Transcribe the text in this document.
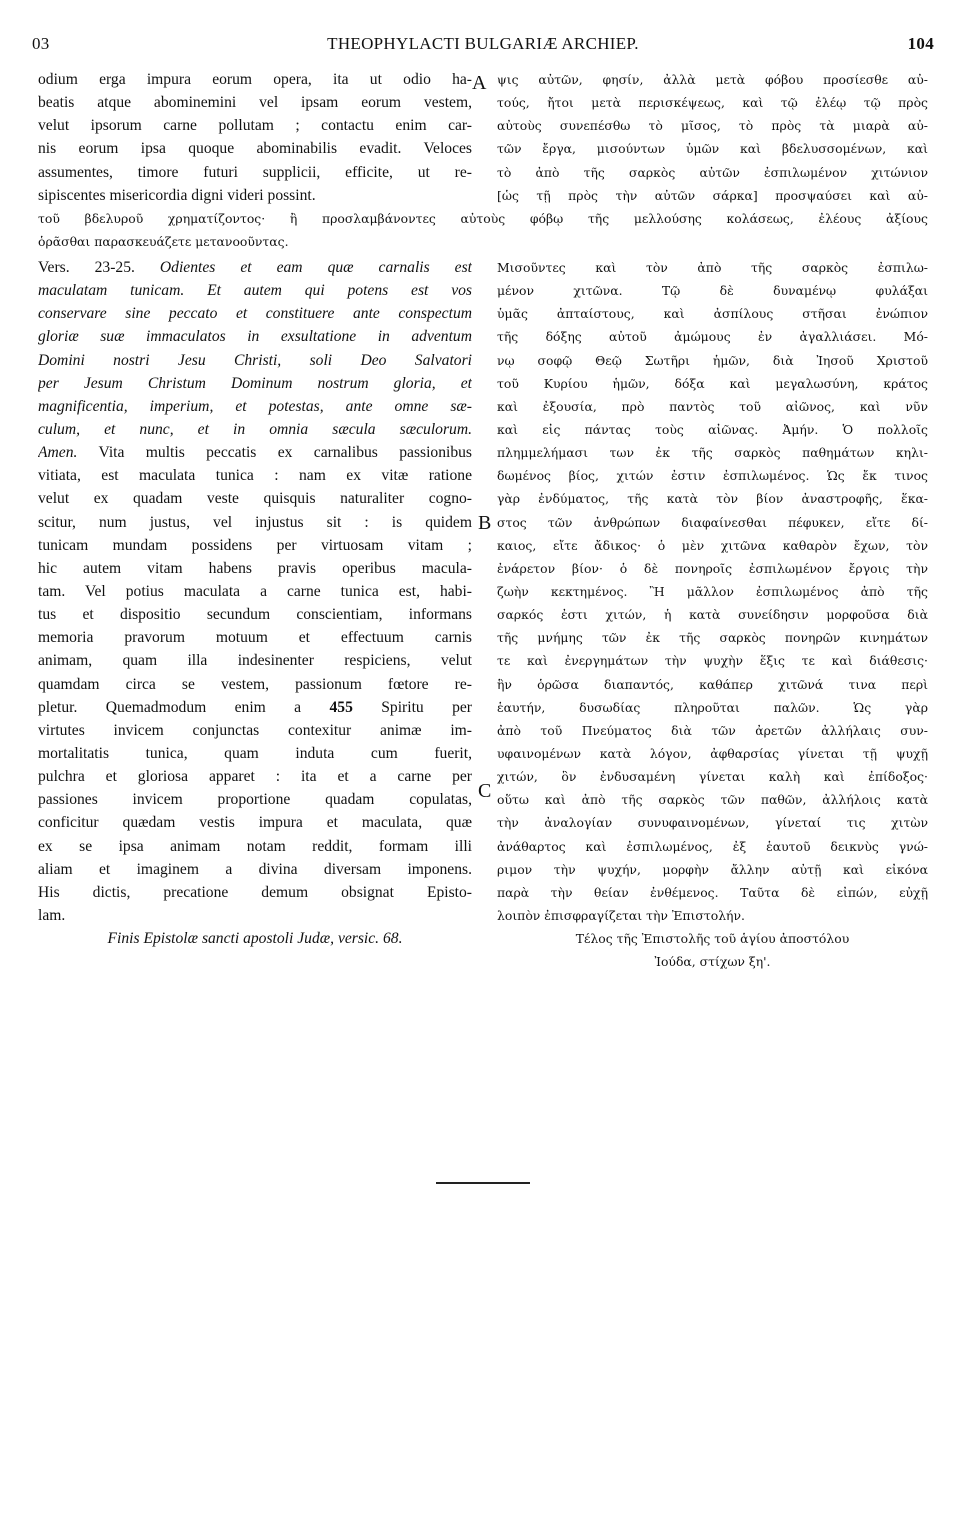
03	THEOPHYLACTI BULGARIÆ ARCHIEP.	104
A
B
C
odium erga impura eorum opera, ita ut odio ha-
beatis atque abominemini vel ipsam eorum vestem,
velut ipsorum carne pollutam ; contactu enim car-
nis eorum ipsa quoque abominabilis evadit. Veloces
assumentes, timore futuri supplicii, efficite, ut re-
sipiscentes misericordia digni videri possint.
ψις αὐτῶν, φησίν, ἀλλὰ μετὰ φόβου προσίεσθε αὐ-
τούς, ἤτοι μετὰ περισκέψεως, καὶ τῷ ἐλέῳ τῷ πρὸς
αὐτοὺς συνεπέσθω τὸ μῖσος, τὸ πρὸς τὰ μιαρὰ αὐ-
τῶν ἔργα, μισούντων ὑμῶν καὶ βδελυσσομένων, καὶ
τὸ ἀπὸ τῆς σαρκὸς αὐτῶν ἐσπιλωμένον χιτώνιον
[ὡς τῇ πρὸς τὴν αὐτῶν σάρκα] προσψαύσει καὶ αὐ-
τοῦ βδελυροῦ χρηματίζοντος· ἢ προσλαμβάνοντες αὐτοὺς φόβῳ τῆς μελλούσης κολάσεως, ἐλέους ἀξίους
ὁρᾶσθαι παρασκευάζετε μετανοοῦντας.
Vers. 23-25. Odientes et eam quæ carnalis est
maculatam tunicam. Et autem qui potens est vos
conservare sine peccato et constituere ante conspectum
gloriæ suæ immaculatos in exsultatione in adventum
Domini nostri Jesu Christi, soli Deo Salvatori
per Jesum Christum Dominum nostrum gloria, et
magnificentia, imperium, et potestas, ante omne sæ-
culum, et nunc, et in omnia sæcula sæculorum.
Amen. Vita multis peccatis ex carnalibus passionibus
vitiata, est maculata tunica : nam ex vitæ ratione
velut ex quadam veste quisquis naturaliter cogno-
scitur, num justus, vel injustus sit : is quidem
tunicam mundam possidens per virtuosam vitam ;
hic autem vitam habens pravis operibus macula-
tam. Vel potius maculata a carne tunica est, habi-
tus et dispositio secundum conscientiam, informans
memoria pravorum motuum et effectuum carnis
animam, quam illa indesinenter respiciens, velut
quamdam circa se vestem, passionum fœtore re-
pletur. Quemadmodum enim a 455 Spiritu per
virtutes invicem conjunctas contexitur animæ im-
mortalitatis tunica, quam induta cum fuerit,
pulchra et gloriosa apparet : ita et a carne per
passiones invicem proportione quadam copulatas,
conficitur quædam vestis impura et maculata, quæ
ex se ipsa animam notam reddit, formam illi
aliam et imaginem a divina diversam imponens.
His dictis, precatione demum obsignat Episto-
lam.
Finis Epistolæ sancti apostoli Judæ, versic. 68.
Μισοῦντες καὶ τὸν ἀπὸ τῆς σαρκὸς ἐσπιλω-
μένον χιτῶνα. Τῷ δὲ δυναμένῳ φυλάξαι
ὑμᾶς ἀπταίστους, καὶ ἀσπίλους στῆσαι ἐνώπιον
τῆς δόξης αὐτοῦ ἀμώμους ἐν ἀγαλλιάσει. Μό-
νῳ σοφῷ Θεῷ Σωτῆρι ἡμῶν, διὰ Ἰησοῦ Χριστοῦ
τοῦ Κυρίου ἡμῶν, δόξα καὶ μεγαλωσύνη, κράτος
καὶ ἐξουσία, πρὸ παντὸς τοῦ αἰῶνος, καὶ νῦν
καὶ εἰς πάντας τοὺς αἰῶνας. Ἀμήν. Ὁ πολλοῖς
πλημμελήμασι των ἐκ τῆς σαρκὸς παθημάτων κηλι-
δωμένος βίος, χιτών ἐστιν ἐσπιλωμένος. Ὡς ἔκ τινος
γὰρ ἐνδύματος, τῆς κατὰ τὸν βίον ἀναστροφῆς, ἕκα-
στος τῶν ἀνθρώπων διαφαίνεσθαι πέφυκεν, εἴτε δί-
καιος, εἴτε ἄδικος· ὁ μὲν χιτῶνα καθαρὸν ἔχων, τὸν
ἐνάρετον βίον· ὁ δὲ πονηροῖς ἐσπιλωμένον ἔργοις τὴν
ζωὴν κεκτημένος. Ἢ μᾶλλον ἐσπιλωμένος ἀπὸ τῆς
σαρκός ἐστι χιτών, ἡ κατὰ συνείδησιν μορφοῦσα διὰ
τῆς μνήμης τῶν ἐκ τῆς σαρκὸς πονηρῶν κινημάτων
τε καὶ ἐνεργημάτων τὴν ψυχὴν ἕξις τε καὶ διάθεσις·
ἣν ὁρῶσα διαπαντός, καθάπερ χιτῶνά τινα περὶ
ἑαυτήν, δυσωδίας πληροῦται παλῶν. Ὡς γὰρ
ἀπὸ τοῦ Πνεύματος διὰ τῶν ἀρετῶν ἀλλήλαις συν-
υφαινομένων κατὰ λόγον, ἀφθαρσίας γίνεται τῇ ψυχῇ
χιτών, ὃν ἐνδυσαμένη γίνεται καλὴ καὶ ἐπίδοξος·
οὕτω καὶ ἀπὸ τῆς σαρκὸς τῶν παθῶν, ἀλλήλοις κατὰ
τὴν ἀναλογίαν συνυφαινομένων, γίνεταί τις χιτὼν
ἀνάθαρτος καὶ ἐσπιλωμένος, ἐξ ἑαυτοῦ δεικνὺς γνώ-
ριμον τὴν ψυχήν, μορφὴν ἄλλην αὐτῇ καὶ εἰκόνα
παρὰ τὴν θείαν ἐνθέμενος. Ταῦτα δὲ εἰπών, εὐχῇ
λοιπὸν ἐπισφραγίζεται τὴν Ἐπιστολήν.
Τέλος τῆς Ἐπιστολῆς τοῦ ἁγίου ἀποστόλου
Ἰούδα, στίχων ξη'.
